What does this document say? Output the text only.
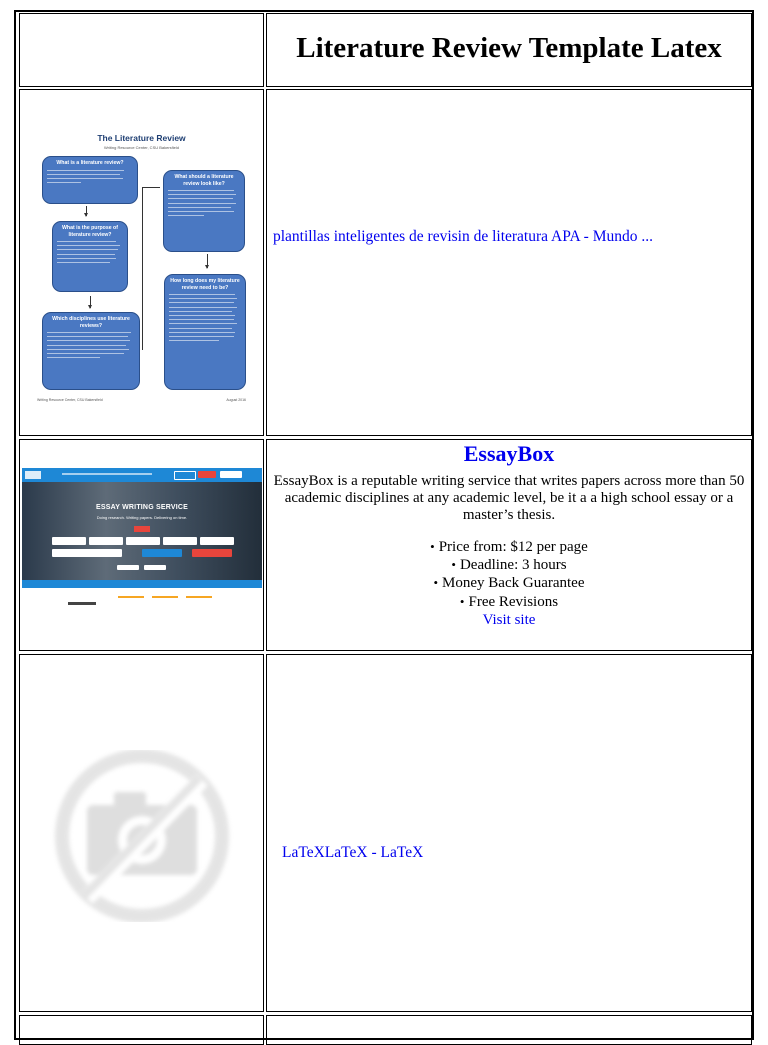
Literature Review Template Latex
The Literature Review
Writing Resource Center, CSU Bakersfield
What is a literature review?
What is the purpose of literature review?
Which disciplines use literature reviews?
What should a literature review look like?
How long does my literature review need to be?
Writing Resource Center, CSU Bakersfield	August 2016
plantillas inteligentes de revisin de literatura APA - Mundo ...
ESSAY WRITING SERVICE
Doing research. Writing papers. Delivering on time.
EssayBox
EssayBox is a reputable writing service that writes papers across more than 50 academic disciplines at any academic level, be it a a high school essay or a master’s thesis.
• Price from: $12 per page
• Deadline: 3 hours
• Money Back Guarantee
• Free Revisions
Visit site
LaTeXLaTeX - LaTeX
